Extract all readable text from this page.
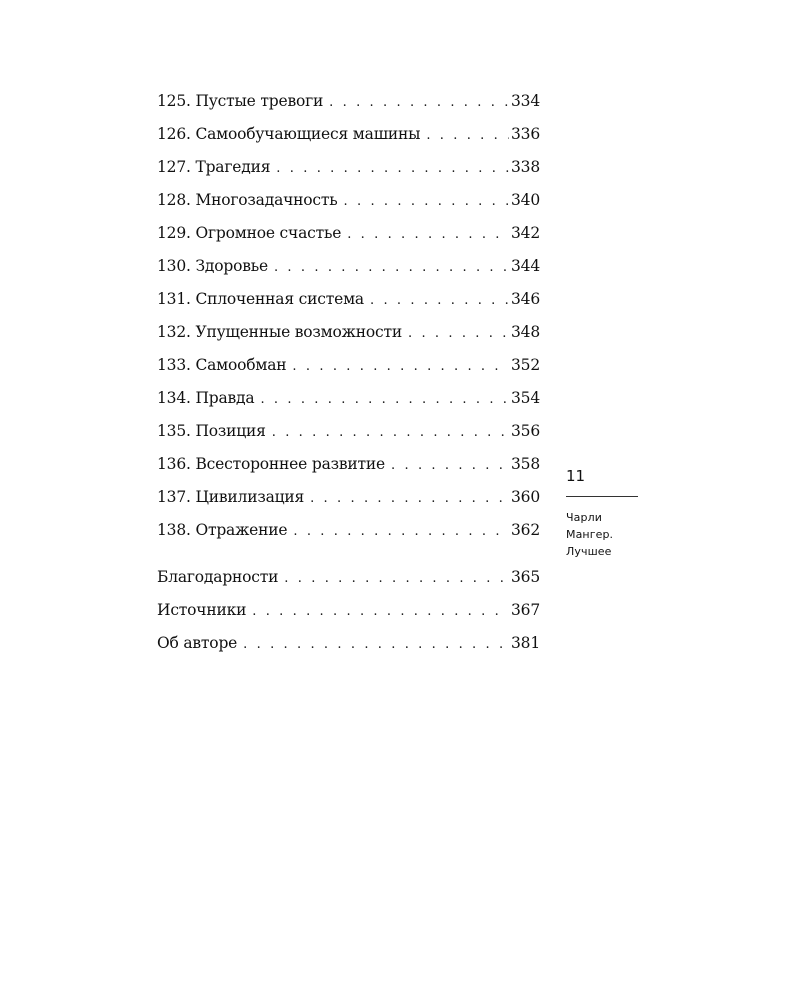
125. Пустые тревоги . . .	334
126. Самообучающиеся машины . . .	336
127. Трагедия . . .	338
128. Многозадачность . . .	340
129. Огромное счастье . . .	342
130. Здоровье . . .	344
131. Сплоченная система . . .	346
132. Упущенные возможности . . .	348
133. Самообман . . .	352
134. Правда . . .	354
135. Позиция . . .	356
136. Всестороннее развитие . . .	358
137. Цивилизация . . .	360
138. Отражение . . .	362
Благодарности . . .	365
Источники . . .	367
Об авторе . . .	381
11
Чарли
Мангер.
Лучшее
